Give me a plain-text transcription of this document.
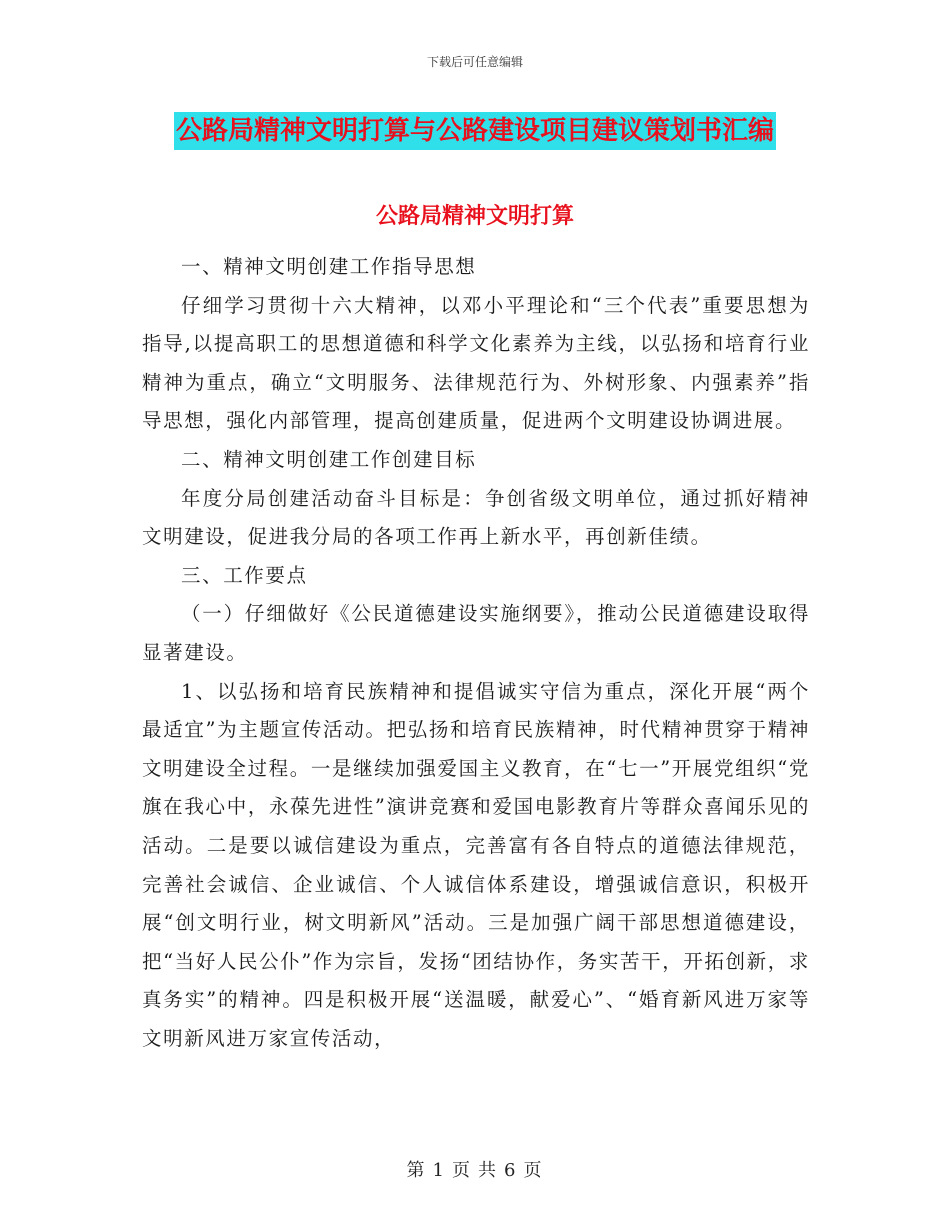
下载后可任意编辑
公路局精神文明打算与公路建设项目建议策划书汇编
公路局精神文明打算

一、精神文明创建工作指导思想

仔细学习贯彻十六大精神，以邓小平理论和“三个代表”重要思想为指导,以提高职工的思想道德和科学文化素养为主线，以弘扬和培育行业精神为重点，确立“文明服务、法律规范行为、外树形象、内强素养”指导思想，强化内部管理，提高创建质量，促进两个文明建设协调进展。

二、精神文明创建工作创建目标

年度分局创建活动奋斗目标是：争创省级文明单位，通过抓好精神文明建设，促进我分局的各项工作再上新水平，再创新佳绩。

三、工作要点

（一）仔细做好《公民道德建设实施纲要》，推动公民道德建设取得显著建设。

1、以弘扬和培育民族精神和提倡诚实守信为重点，深化开展“两个最适宜”为主题宣传活动。把弘扬和培育民族精神，时代精神贯穿于精神文明建设全过程。一是继续加强爱国主义教育，在“七一”开展党组织“党旗在我心中，永葆先进性”演讲竞赛和爱国电影教育片等群众喜闻乐见的活动。二是要以诚信建设为重点，完善富有各自特点的道德法律规范，完善社会诚信、企业诚信、个人诚信体系建设，增强诚信意识，积极开展“创文明行业，树文明新风”活动。三是加强广阔干部思想道德建设，把“当好人民公仆”作为宗旨，发扬“团结协作，务实苦干，开拓创新，求真务实”的精神。四是积极开展“送温暖，献爱心”、“婚育新风进万家等文明新风进万家宣传活动，

第 1 页 共 6 页
